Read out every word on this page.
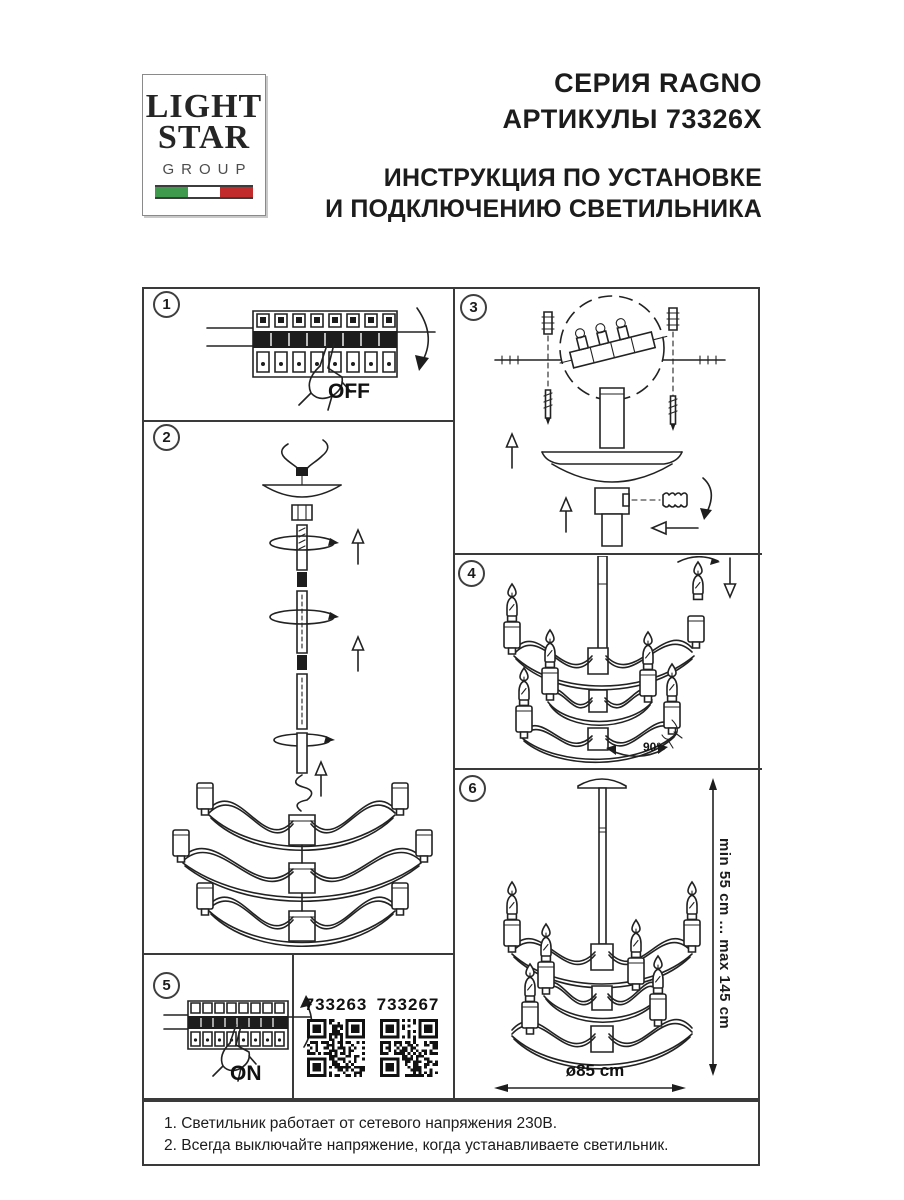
LIGHT
STAR
GROUP
СЕРИЯ RAGNO
АРТИКУЛЫ 73326X
ИНСТРУКЦИЯ ПО УСТАНОВКЕ
И ПОДКЛЮЧЕНИЮ СВЕТИЛЬНИКА
1
2
3
4
5
6
OFF
90°
min 55 cm ... max 145 cm
ø85 cm
ON
733263 733267
1. Светильник работает от сетевого напряжения 230В.
2. Всегда выключайте напряжение, когда устанавливаете светильник.
